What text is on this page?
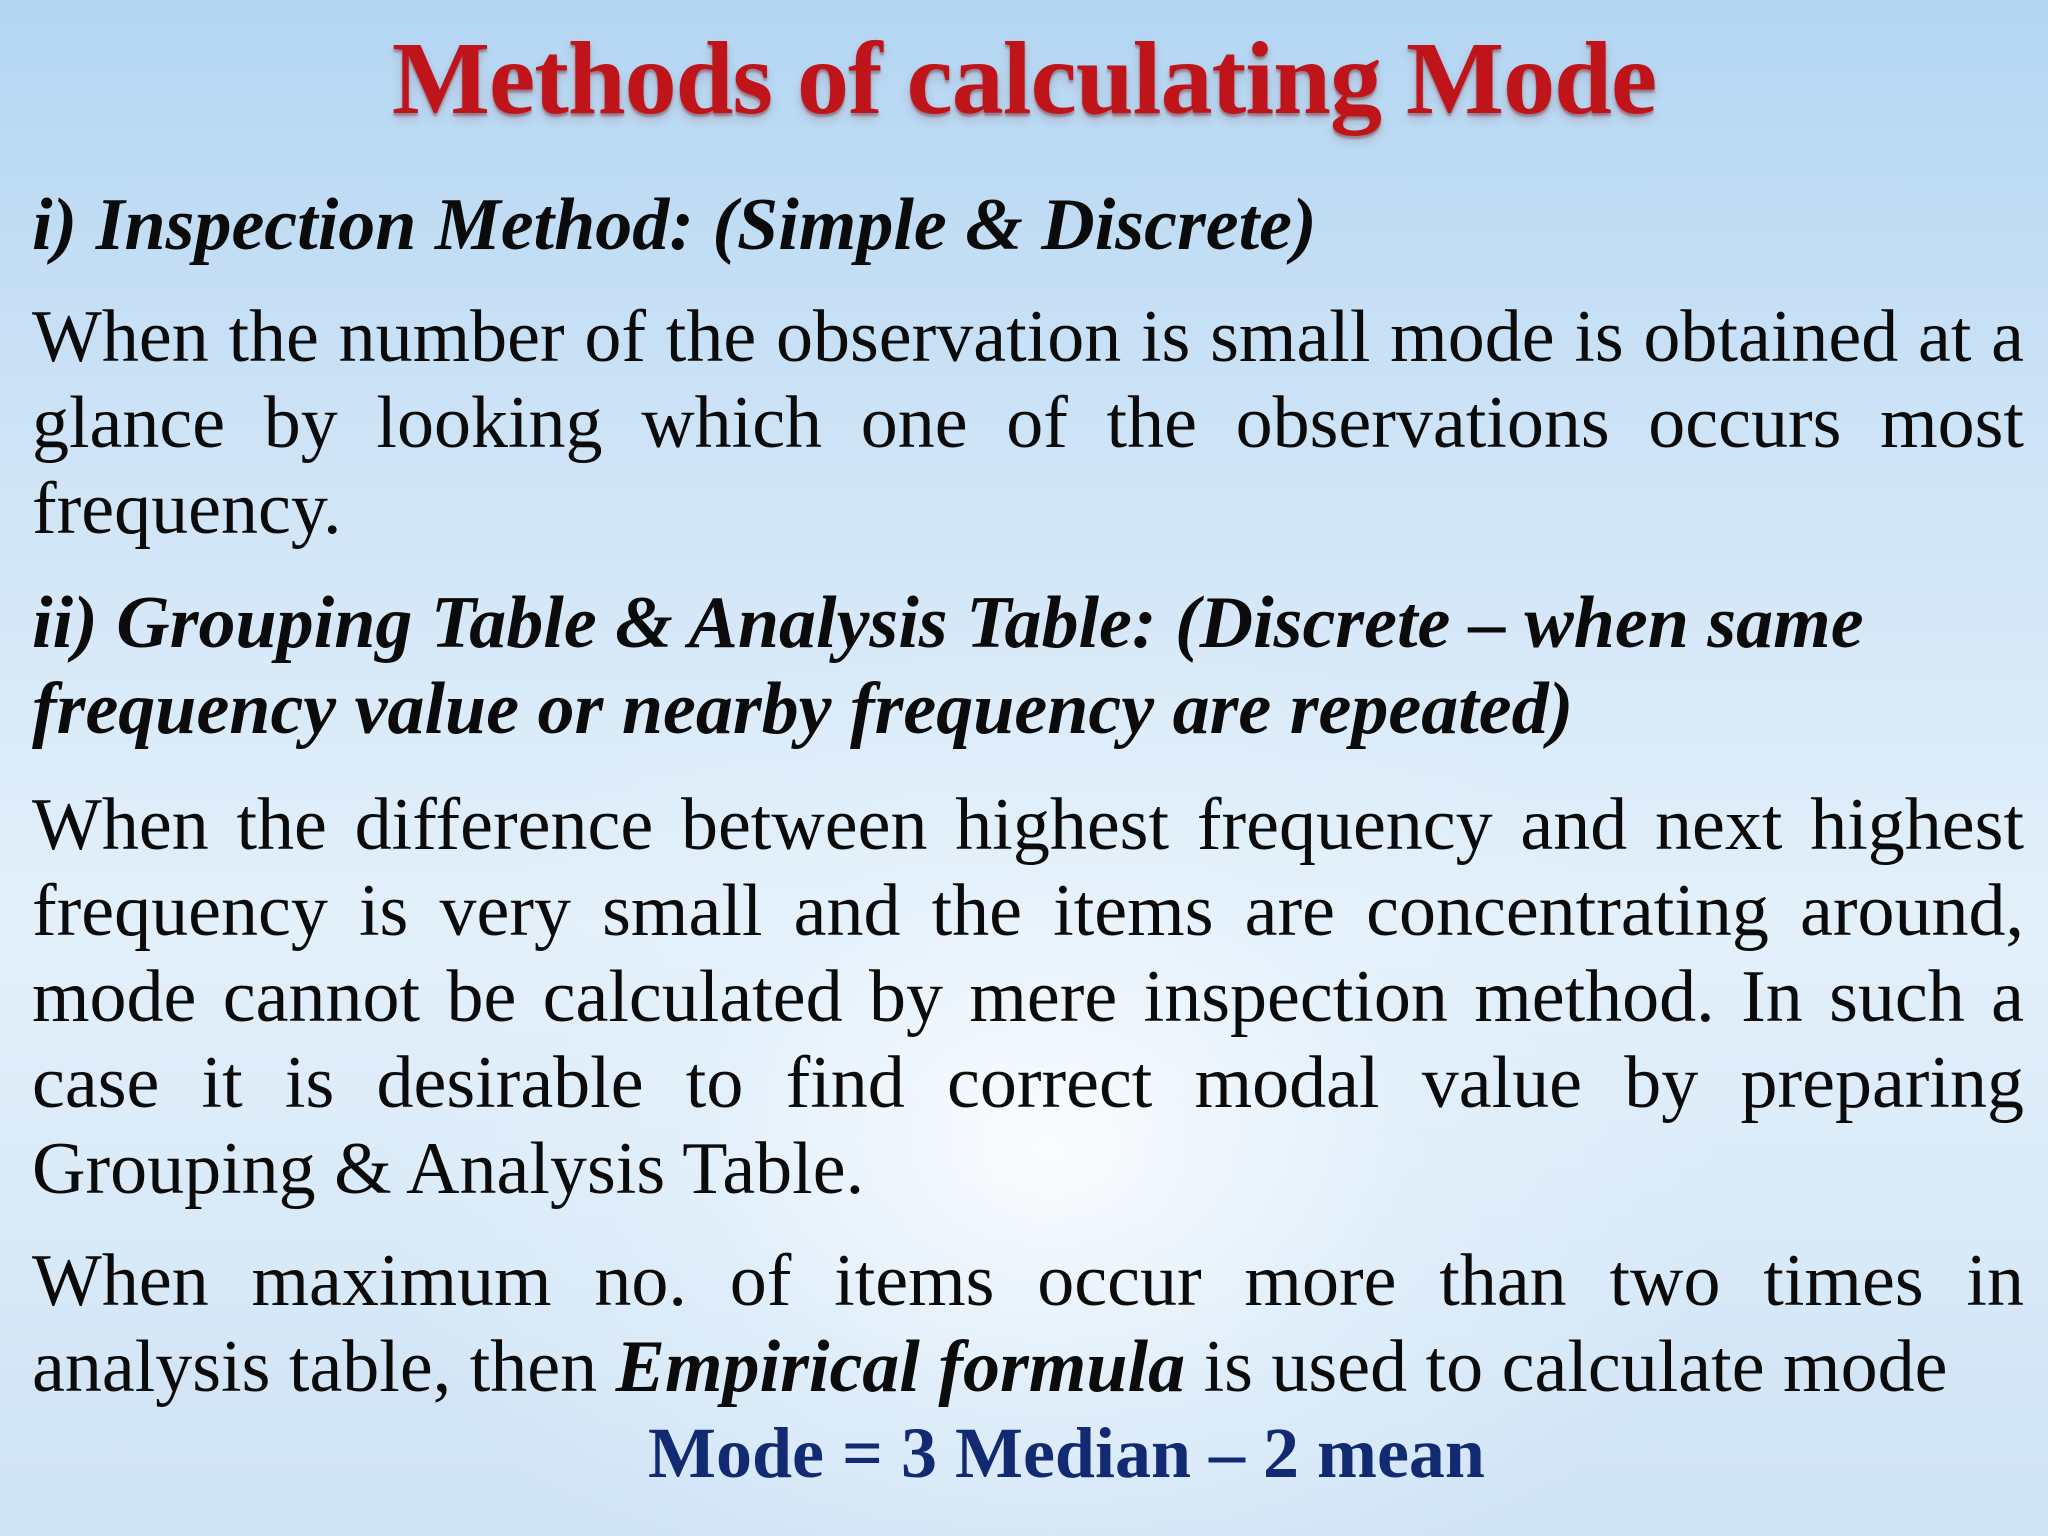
Methods of calculating Mode
i) Inspection Method: (Simple & Discrete)
When the number of the observation is small mode is obtained at a glance by looking which one of the observations occurs most frequency.
ii) Grouping Table & Analysis Table: (Discrete – when same frequency value or nearby frequency are repeated)
When the difference between highest frequency and next highest frequency is very small and the items are concentrating around, mode cannot be calculated by mere inspection method. In such a case it is desirable to find correct modal value by preparing Grouping & Analysis Table.
When maximum no. of items occur more than two times in analysis table, then Empirical formula is used to calculate mode
Mode = 3 Median – 2 mean
